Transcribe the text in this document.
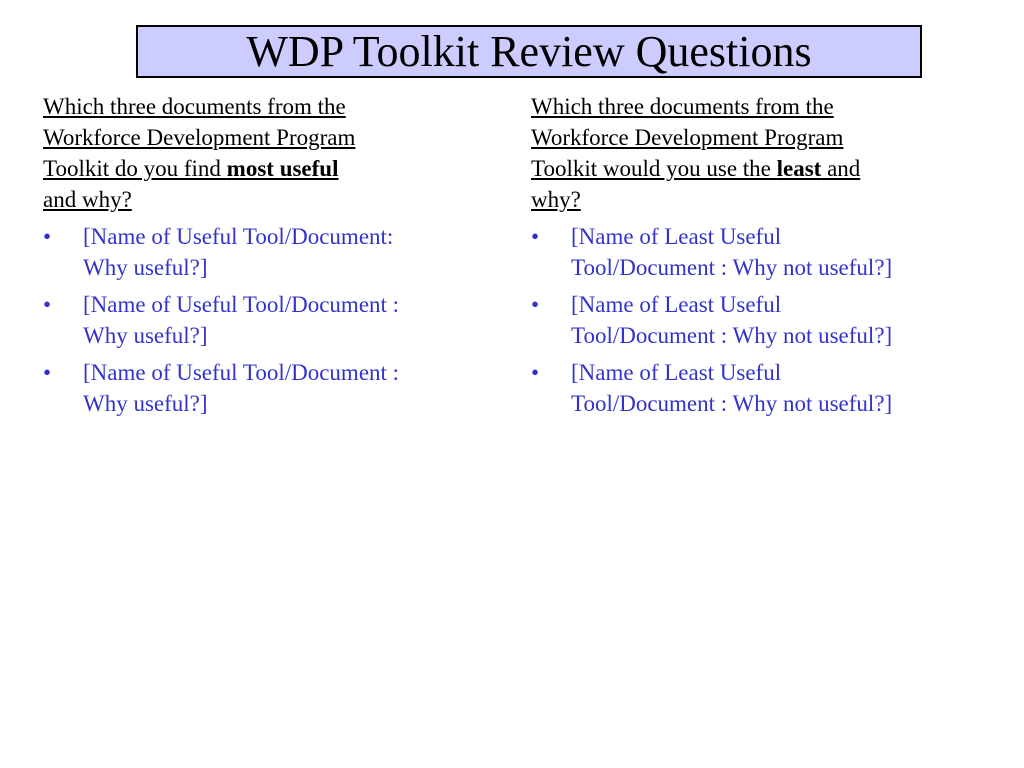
WDP Toolkit Review Questions

Which three documents from the
Workforce Development Program
Toolkit do you find most useful
and why?

• [Name of Useful Tool/Document:
Why useful?]
• [Name of Useful Tool/Document :
Why useful?]
• [Name of Useful Tool/Document :
Why useful?]

Which three documents from the
Workforce Development Program
Toolkit would you use the least and
why?

• [Name of Least Useful
Tool/Document : Why not useful?]
• [Name of Least Useful
Tool/Document : Why not useful?]
• [Name of Least Useful
Tool/Document : Why not useful?]
